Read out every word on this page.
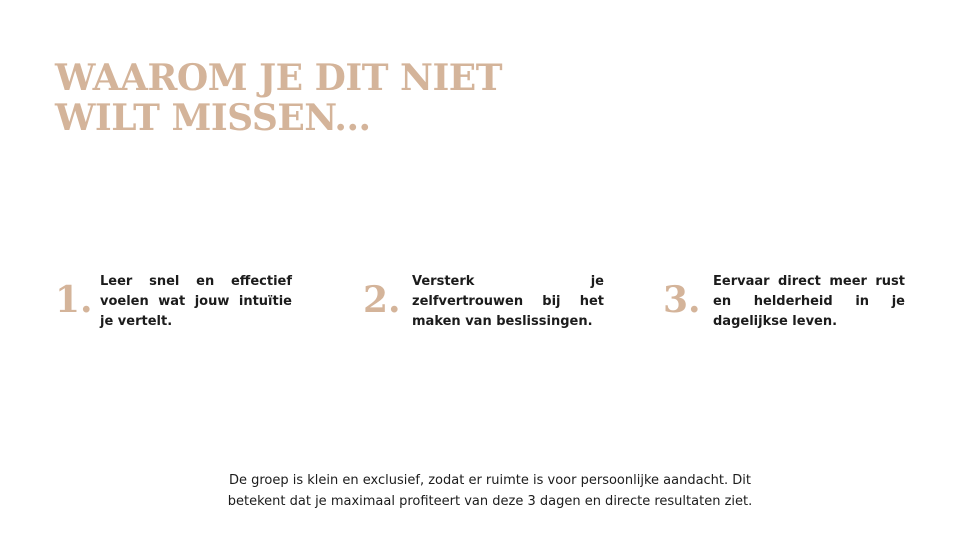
WAAROM JE DIT NIET
WILT MISSEN...
1. Leer snel en effectief voelen wat jouw intuïtie je vertelt.
2. Versterk je zelfvertrouwen bij het maken van beslissingen.
3. Eervaar direct meer rust en helderheid in je dagelijkse leven.

De groep is klein en exclusief, zodat er ruimte is voor persoonlijke aandacht. Dit
betekent dat je maximaal profiteert van deze 3 dagen en directe resultaten ziet.
